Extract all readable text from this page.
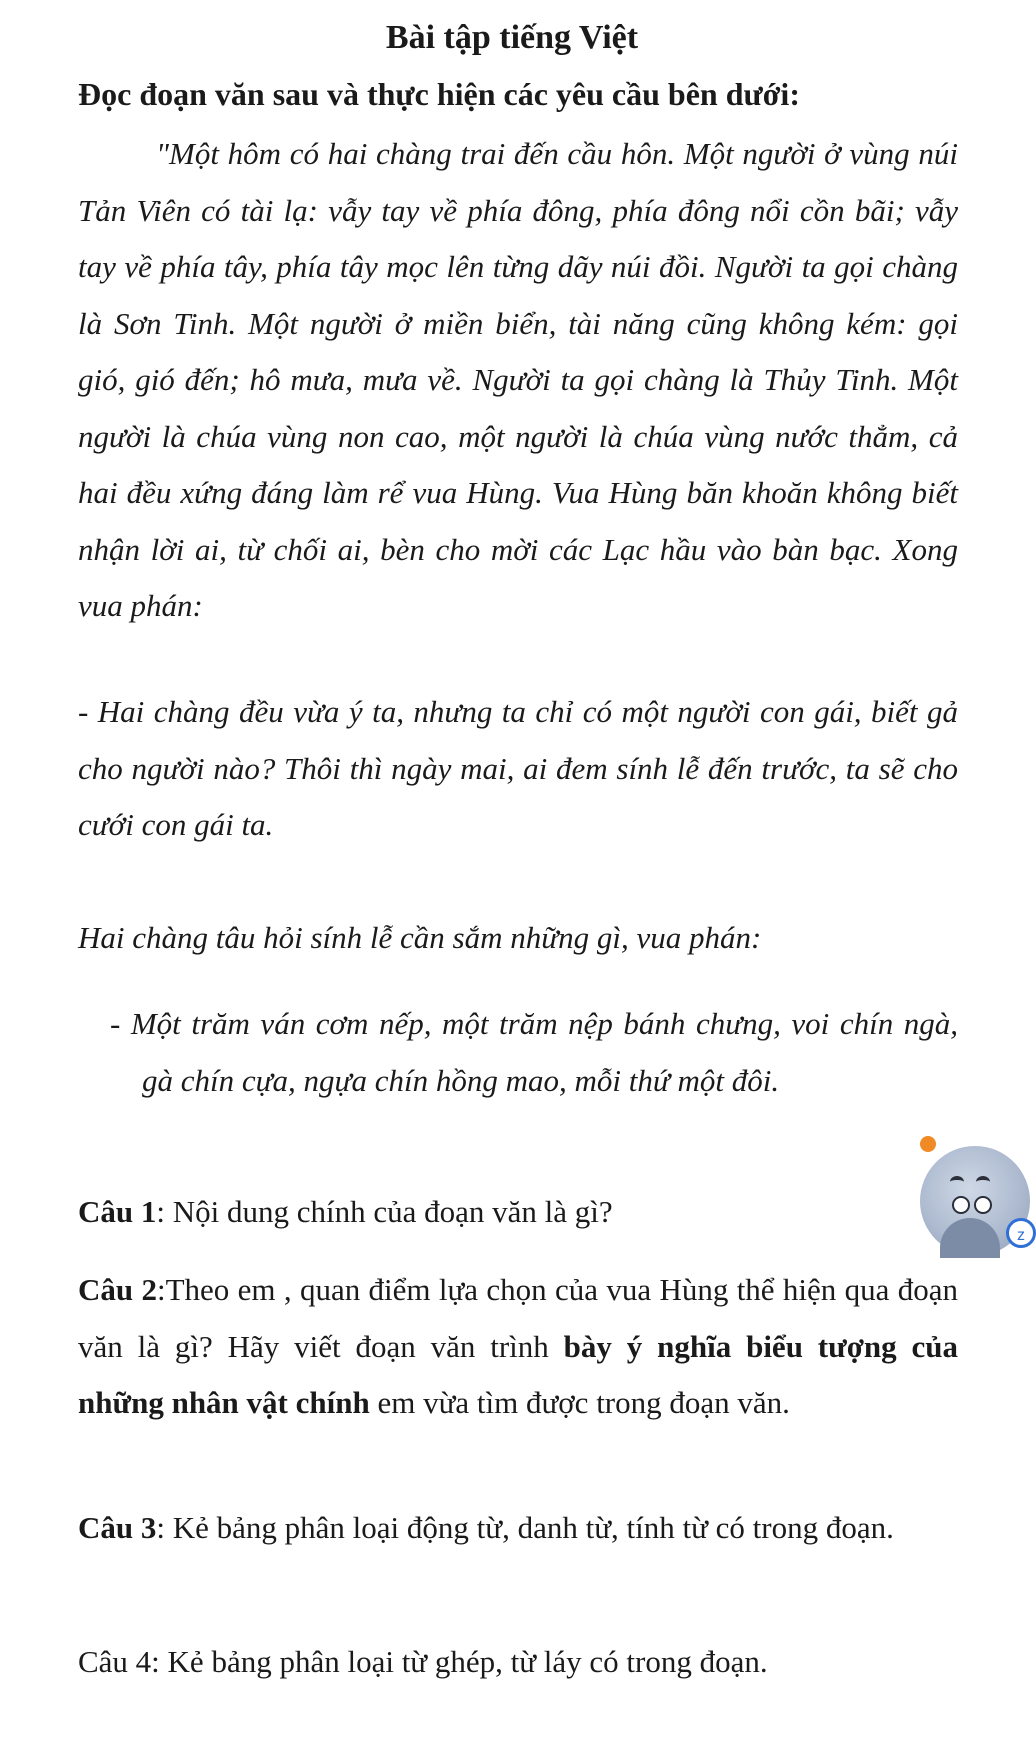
Bài tập tiếng Việt
Đọc đoạn văn sau và thực hiện các yêu cầu bên dưới:

"Một hôm có hai chàng trai đến cầu hôn. Một người ở vùng núi Tản Viên có tài lạ: vẫy tay về phía đông, phía đông nổi cồn bãi; vẫy tay về phía tây, phía tây mọc lên từng dãy núi đồi. Người ta gọi chàng là Sơn Tinh. Một người ở miền biển, tài năng cũng không kém: gọi gió, gió đến; hô mưa, mưa về. Người ta gọi chàng là Thủy Tinh. Một người là chúa vùng non cao, một người là chúa vùng nước thẳm, cả hai đều xứng đáng làm rể vua Hùng. Vua Hùng băn khoăn không biết nhận lời ai, từ chối ai, bèn cho mời các Lạc hầu vào bàn bạc. Xong vua phán:

- Hai chàng đều vừa ý ta, nhưng ta chỉ có một người con gái, biết gả cho người nào? Thôi thì ngày mai, ai đem sính lễ đến trước, ta sẽ cho cưới con gái ta.

Hai chàng tâu hỏi sính lễ cần sắm những gì, vua phán:

- Một trăm ván cơm nếp, một trăm nệp bánh chưng, voi chín ngà, gà chín cựa, ngựa chín hồng mao, mỗi thứ một đôi.

Câu 1: Nội dung chính của đoạn văn là gì?

Câu 2:Theo em , quan điểm lựa chọn của vua Hùng thể hiện qua đoạn văn là gì? Hãy viết đoạn văn trình bày ý nghĩa biểu tượng của những nhân vật chính em vừa tìm được trong đoạn văn.

Câu 3: Kẻ bảng phân loại động từ, danh từ, tính từ có trong đoạn.

Câu 4: Kẻ bảng phân loại từ ghép, từ láy có trong đoạn.

z
